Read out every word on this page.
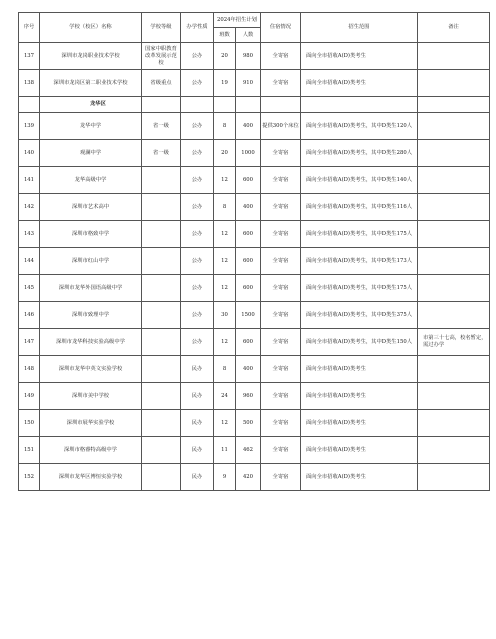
序号	学校（校区）名称	学校等级	办学性质	2024年招生计划		住宿情况	招生范围	备注
				班数	人数			
137	深圳市龙岗职业技术学校	国家中职教育改革发展示范校	公办	20	980	全寄宿	面向全市招收A(D)类考生	
138	深圳市龙岗区第二职业技术学校	省级重点	公办	19	910	全寄宿	面向全市招收A(D)类考生	
	龙华区							
139	龙华中学	省一级	公办	8	400	提供300个床位	面向全市招收A(D)类考生，其中D类生120人	
140	观澜中学	省一级	公办	20	1000	全寄宿	面向全市招收A(D)类考生，其中D类生280人	
141	龙华高级中学		公办	12	600	全寄宿	面向全市招收A(D)类考生，其中D类生140人	
142	深圳市艺术高中		公办	8	400	全寄宿	面向全市招收A(D)类考生，其中D类生116人	
143	深圳市格致中学		公办	12	600	全寄宿	面向全市招收A(D)类考生，其中D类生175人	
144	深圳市红山中学		公办	12	600	全寄宿	面向全市招收A(D)类考生，其中D类生173人	
145	深圳市龙华外国语高级中学		公办	12	600	全寄宿	面向全市招收A(D)类考生，其中D类生175人	
146	深圳市致理中学		公办	30	1500	全寄宿	面向全市招收A(D)类考生，其中D类生375人	
147	深圳市龙华科技实验高级中学		公办	12	600	全寄宿	面向全市招收A(D)类考生，其中D类生150人	市第三十七高，校名暂定，需过办学
148	深圳市龙华中英文实验学校		民办	8	400	全寄宿	面向全市招收A(D)类考生	
149	深圳市美中学校		民办	24	960	全寄宿	面向全市招收A(D)类考生	
150	深圳市展华实验学校		民办	12	500	全寄宿	面向全市招收A(D)类考生	
151	深圳市格睿特高级中学		民办	11	462	全寄宿	面向全市招收A(D)类考生	
152	深圳市龙华区博恒实验学校		民办	9	420	全寄宿	面向全市招收A(D)类考生	
